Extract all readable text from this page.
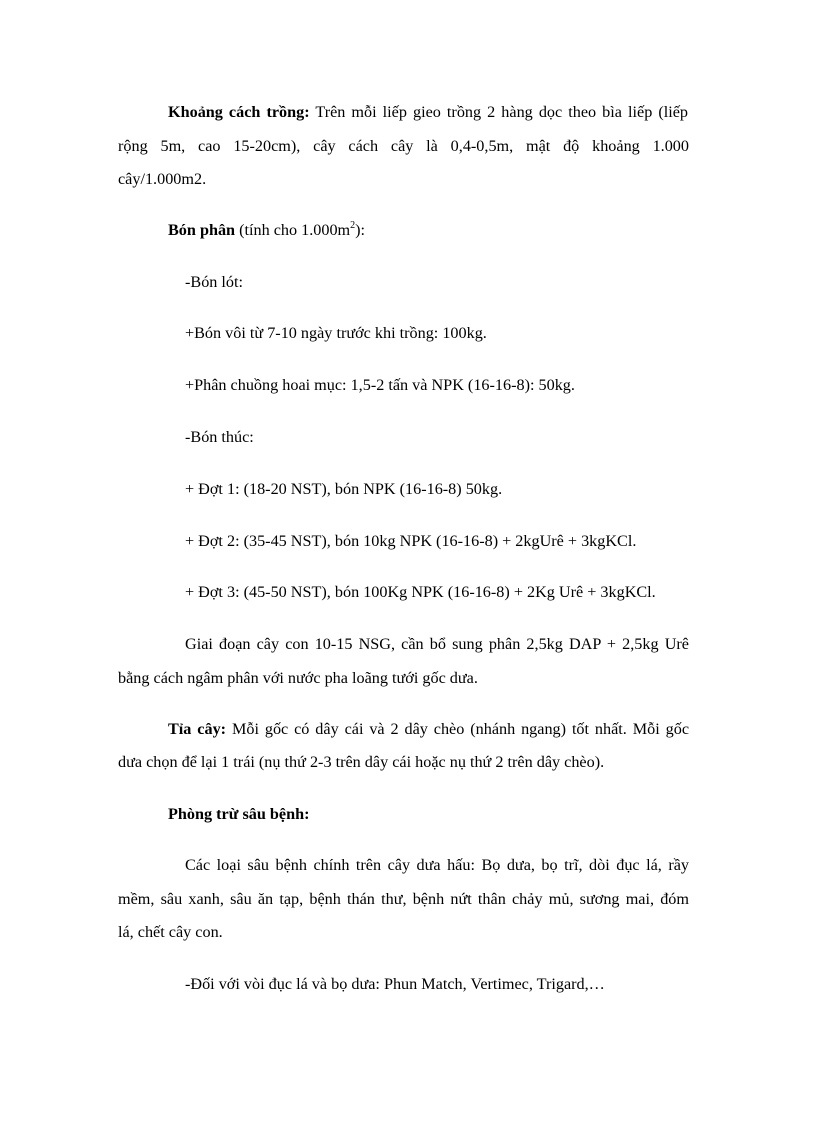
Khoảng cách trồng: Trên mỗi liếp gieo trồng 2 hàng dọc theo bìa liếp (liếp
rộng 5m, cao 15-20cm), cây cách cây là 0,4-0,5m, mật độ khoảng 1.000
cây/1.000m2.
Bón phân (tính cho $1.000m^2$):
-Bón lót:
+Bón vôi từ 7-10 ngày trước khi trồng: 100kg.
+Phân chuồng hoai mục: 1,5-2 tấn và NPK (16-16-8): 50kg.
-Bón thúc:
+ Đợt 1: (18-20 NST), bón NPK (16-16-8) 50kg.
+ Đợt 2: (35-45 NST), bón 10kg NPK (16-16-8) + 2kgUrê + 3kgKCl.
+ Đợt 3: (45-50 NST), bón 100Kg NPK (16-16-8) + 2Kg Urê + 3kgKCl.
Giai đoạn cây con 10-15 NSG, cần bổ sung phân 2,5kg DAP + 2,5kg Urê
bằng cách ngâm phân với nước pha loãng tưới gốc dưa.
Tỉa cây: Mỗi gốc có dây cái và 2 dây chèo (nhánh ngang) tốt nhất. Mỗi gốc
dưa chọn để lại 1 trái (nụ thứ 2-3 trên dây cái hoặc nụ thứ 2 trên dây chèo).
Phòng trừ sâu bệnh:
Các loại sâu bệnh chính trên cây dưa hấu: Bọ dưa, bọ trĩ, dòi đục lá, rầy
mềm, sâu xanh, sâu ăn tạp, bệnh thán thư, bệnh nứt thân chảy mủ, sương mai, đóm
lá, chết cây con.
-Đối với vòi đục lá và bọ dưa: Phun Match, Vertimec, Trigard,…
